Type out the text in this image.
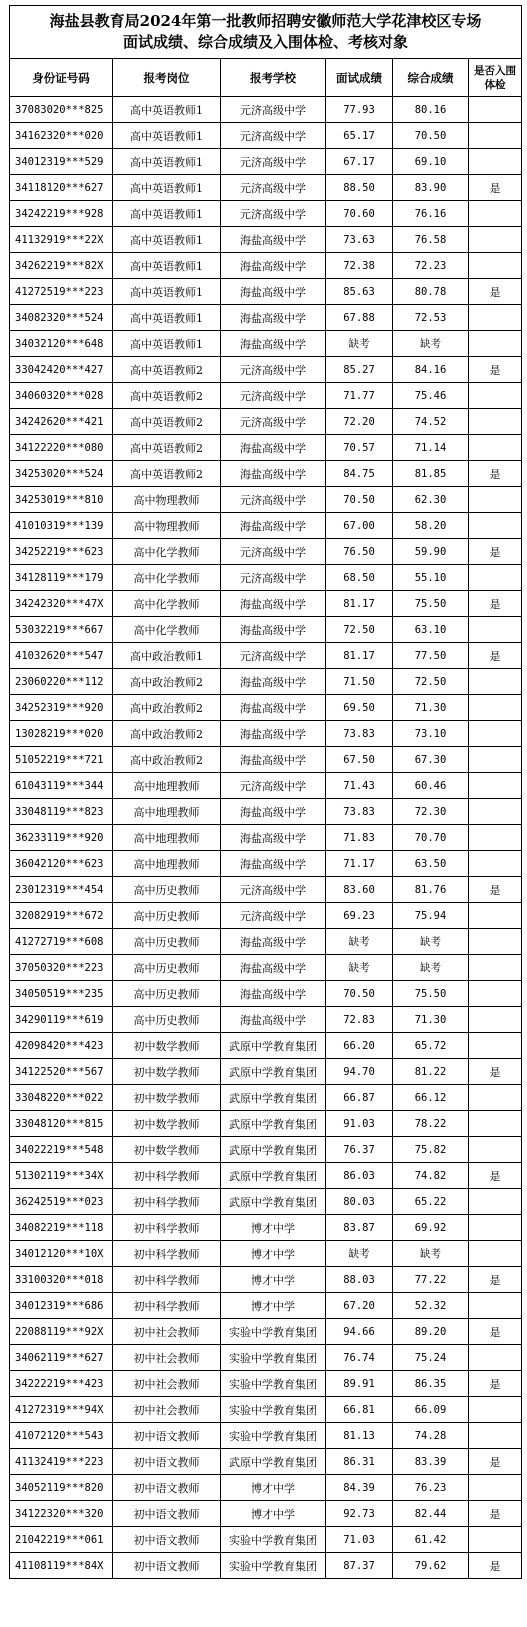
海盐县教育局2024年第一批教师招聘安徽师范大学花津校区专场
面试成绩、综合成绩及入围体检、考核对象					

身份证号码	报考岗位	报考学校	面试成绩	综合成绩	是否入围体检
37083020***825	高中英语教师1	元济高级中学	77.93	80.16	
34162320***020	高中英语教师1	元济高级中学	65.17	70.50	
34012319***529	高中英语教师1	元济高级中学	67.17	69.10	
34118120***627	高中英语教师1	元济高级中学	88.50	83.90	是
34242219***928	高中英语教师1	元济高级中学	70.60	76.16	
41132919***22X	高中英语教师1	海盐高级中学	73.63	76.58	
34262219***82X	高中英语教师1	海盐高级中学	72.38	72.23	
41272519***223	高中英语教师1	海盐高级中学	85.63	80.78	是
34082320***524	高中英语教师1	海盐高级中学	67.88	72.53	
34032120***648	高中英语教师1	海盐高级中学	缺考	缺考	
33042420***427	高中英语教师2	元济高级中学	85.27	84.16	是
34060320***028	高中英语教师2	元济高级中学	71.77	75.46	
34242620***421	高中英语教师2	元济高级中学	72.20	74.52	
34122220***080	高中英语教师2	海盐高级中学	70.57	71.14	
34253020***524	高中英语教师2	海盐高级中学	84.75	81.85	是
34253019***810	高中物理教师	元济高级中学	70.50	62.30	
41010319***139	高中物理教师	海盐高级中学	67.00	58.20	
34252219***623	高中化学教师	元济高级中学	76.50	59.90	是
34128119***179	高中化学教师	元济高级中学	68.50	55.10	
34242320***47X	高中化学教师	海盐高级中学	81.17	75.50	是
53032219***667	高中化学教师	海盐高级中学	72.50	63.10	
41032620***547	高中政治教师1	元济高级中学	81.17	77.50	是
23060220***112	高中政治教师2	海盐高级中学	71.50	72.50	
34252319***920	高中政治教师2	海盐高级中学	69.50	71.30	
13028219***020	高中政治教师2	海盐高级中学	73.83	73.10	
51052219***721	高中政治教师2	海盐高级中学	67.50	67.30	
61043119***344	高中地理教师	元济高级中学	71.43	60.46	
33048119***823	高中地理教师	海盐高级中学	73.83	72.30	
36233119***920	高中地理教师	海盐高级中学	71.83	70.70	
36042120***623	高中地理教师	海盐高级中学	71.17	63.50	
23012319***454	高中历史教师	元济高级中学	83.60	81.76	是
32082919***672	高中历史教师	元济高级中学	69.23	75.94	
41272719***608	高中历史教师	海盐高级中学	缺考	缺考	
37050320***223	高中历史教师	海盐高级中学	缺考	缺考	
34050519***235	高中历史教师	海盐高级中学	70.50	75.50	
34290119***619	高中历史教师	海盐高级中学	72.83	71.30	
42098420***423	初中数学教师	武原中学教育集团	66.20	65.72	
34122520***567	初中数学教师	武原中学教育集团	94.70	81.22	是
33048220***022	初中数学教师	武原中学教育集团	66.87	66.12	
33048120***815	初中数学教师	武原中学教育集团	91.03	78.22	
34022219***548	初中数学教师	武原中学教育集团	76.37	75.82	
51302119***34X	初中科学教师	武原中学教育集团	86.03	74.82	是
36242519***023	初中科学教师	武原中学教育集团	80.03	65.22	
34082219***118	初中科学教师	博才中学	83.87	69.92	
34012120***10X	初中科学教师	博才中学	缺考	缺考	
33100320***018	初中科学教师	博才中学	88.03	77.22	是
34012319***686	初中科学教师	博才中学	67.20	52.32	
22088119***92X	初中社会教师	实验中学教育集团	94.66	89.20	是
34062119***627	初中社会教师	实验中学教育集团	76.74	75.24	
34222219***423	初中社会教师	实验中学教育集团	89.91	86.35	是
41272319***94X	初中社会教师	实验中学教育集团	66.81	66.09	
41072120***543	初中语文教师	实验中学教育集团	81.13	74.28	
41132419***223	初中语文教师	武原中学教育集团	86.31	83.39	是
34052119***820	初中语文教师	博才中学	84.39	76.23	
34122320***320	初中语文教师	博才中学	92.73	82.44	是
21042219***061	初中语文教师	实验中学教育集团	71.03	61.42	
41108119***84X	初中语文教师	实验中学教育集团	87.37	79.62	是
